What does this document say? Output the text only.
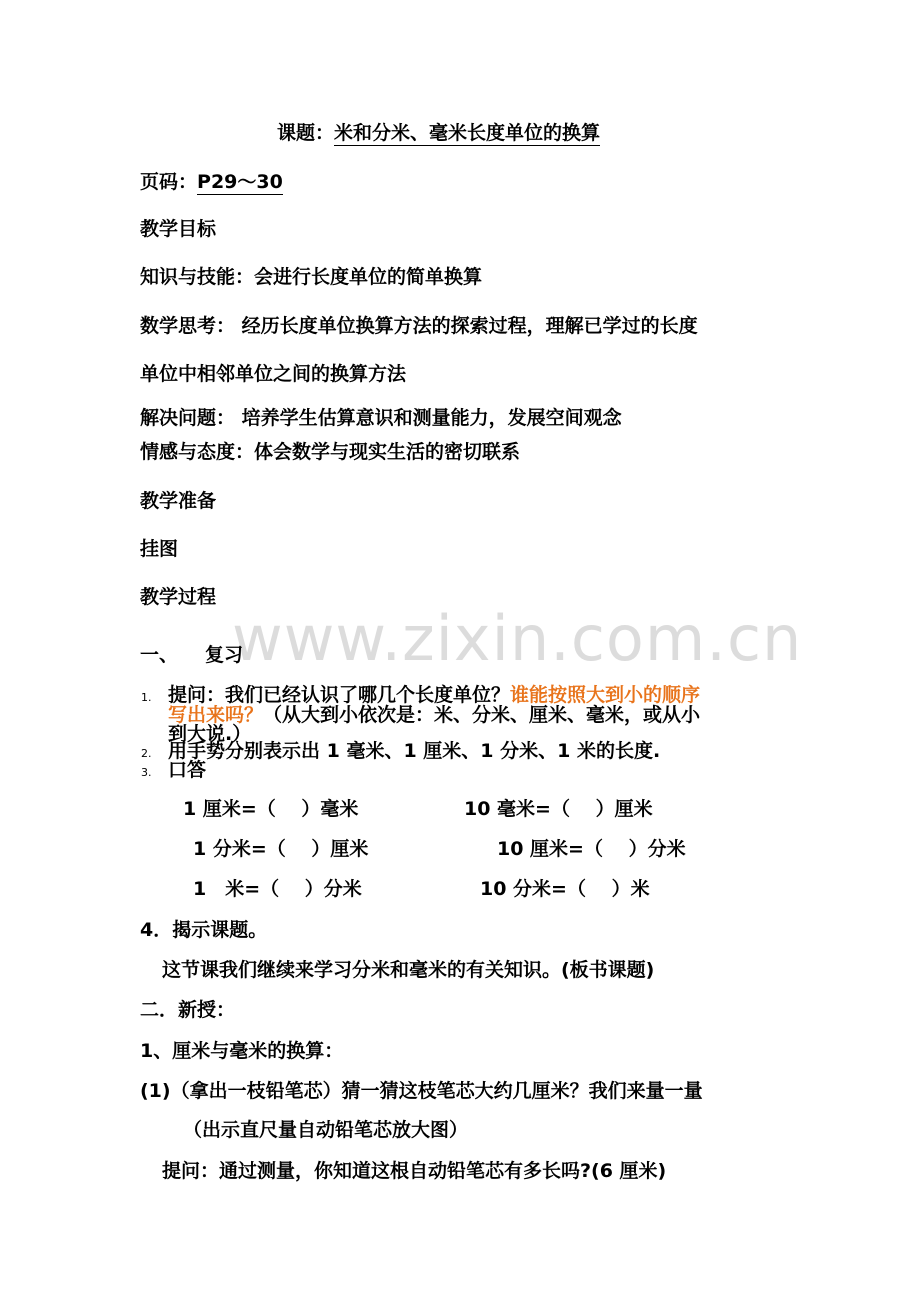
www.zixin.com.cn
课题：米和分米、毫米长度单位的换算
页码：P29～30
教学目标
知识与技能：会进行长度单位的简单换算
数学思考： 经历长度单位换算方法的探索过程，理解已学过的长度
单位中相邻单位之间的换算方法
解决问题： 培养学生估算意识和测量能力，发展空间观念
情感与态度：体会数学与现实生活的密切联系
教学准备
挂图
教学过程
一、 复习
1. 提问：我们已经认识了哪几个长度单位？谁能按照大到小的顺序
写出来吗？（从大到小依次是：米、分米、厘米、毫米，或从小
到大说.）
2. 用手势分别表示出 1 毫米、1 厘米、1 分米、1 米的长度.
3. 口答
1 厘米=（　 ）毫米	10 毫米=（　 ）厘米
1 分米=（　 ）厘米	10 厘米=（　 ）分米
1　米=（　 ）分米	10 分米=（　 ）米
4．揭示课题。
这节课我们继续来学习分米和毫米的有关知识。(板书课题)
二．新授：
1、厘米与毫米的换算：
(1)（拿出一枝铅笔芯）猜一猜这枝笔芯大约几厘米？我们来量一量
（出示直尺量自动铅笔芯放大图）
提问：通过测量，你知道这根自动铅笔芯有多长吗?(6 厘米)
